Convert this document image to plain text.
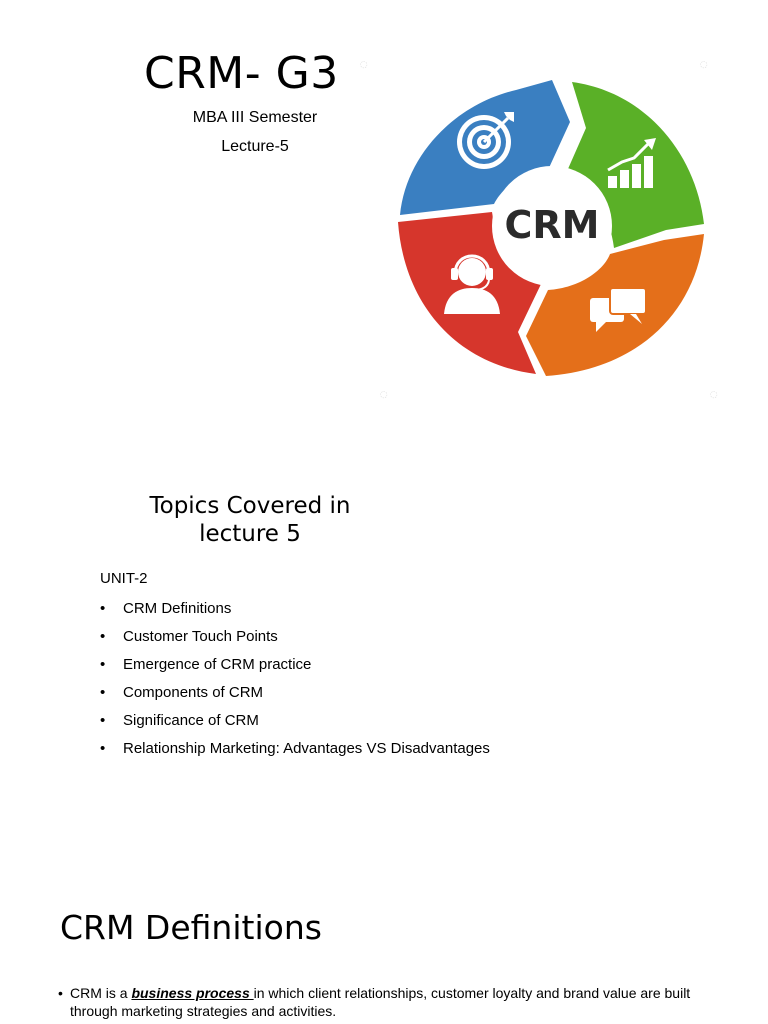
CRM- G3
MBA III Semester
Lecture-5
CRM
◌	◌
◌	◌
Topics Covered in
lecture 5
UNIT-2
•	CRM Definitions
•	Customer Touch Points
•	Emergence of CRM practice
•	Components of CRM
•	Significance of CRM
•	Relationship Marketing: Advantages VS Disadvantages
CRM Definitions
• CRM is a business process in which client relationships, customer loyalty and brand value are built through marketing strategies and activities.
